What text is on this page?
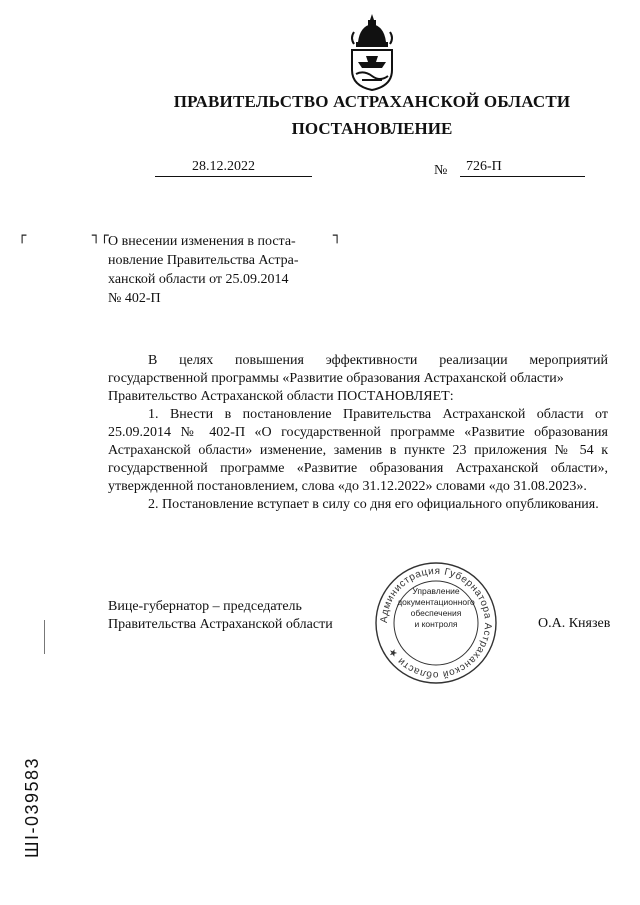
ПРАВИТЕЛЬСТВО АСТРАХАНСКОЙ ОБЛАСТИ
ПОСТАНОВЛЕНИЕ
28.12.2022	№ 726-П
┌	┐┌	┐

О внесении изменения в поста-

новление Правительства Астра-

ханской области от 25.09.2014

№ 402-П

В целях повышения эффективности реализации мероприятий государственной программы «Развитие образования Астраханской области»

Правительство Астраханской области ПОСТАНОВЛЯЕТ:

1. Внести в постановление Правительства Астраханской области от 25.09.2014 № 402-П «О государственной программе «Развитие образования Астраханской области» изменение, заменив в пункте 23 приложения № 54 к государственной программе «Развитие образования Астраханской области», утвержденной постановлением, слова «до 31.12.2022» словами «до 31.08.2023».

2. Постановление вступает в силу со дня его официального опубликования.

Вице-губернатор – председатель
Правительства Астраханской области	О.А. Князев
Администрация Губернатора Астраханской области ★
Управление
документационного
обеспечения
и контроля
ШI-039583
